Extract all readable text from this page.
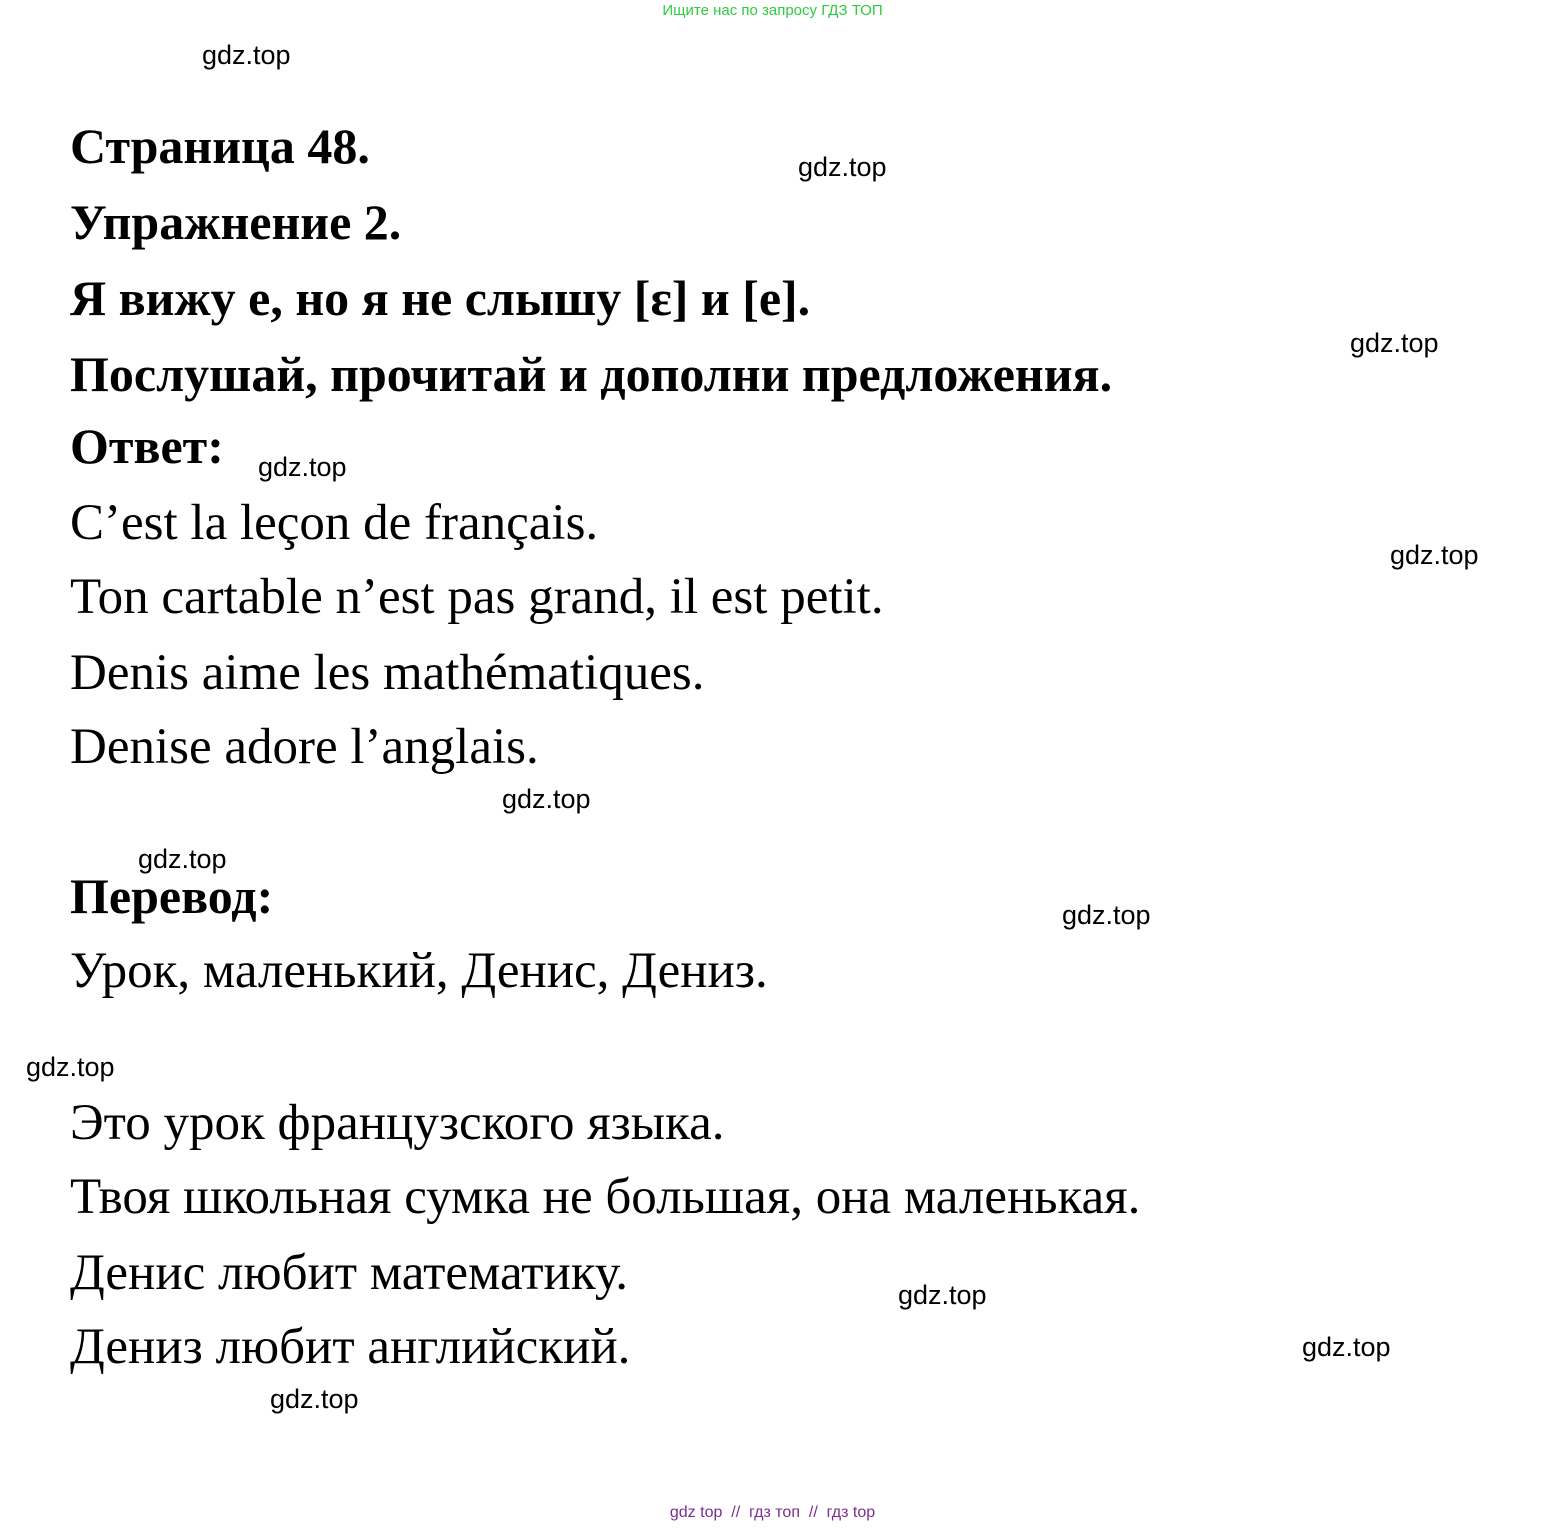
Ищите нас по запросу ГДЗ ТОП
gdz.top
gdz.top
gdz.top
gdz.top
gdz.top
gdz.top
gdz.top
gdz.top
gdz.top
gdz.top
gdz.top
gdz.top
Страница 48.
Упражнение 2.
Я вижу e, но я не слышу [ɛ] и [e].
Послушай, прочитай и дополни предложения.
Ответ:
C’est la leçon de français.
Ton cartable n’est pas grand, il est petit.
Denis aime les mathématiques.
Denise adore l’anglais.
Перевод:
Урок, маленький, Денис, Дениз.
Это урок французского языка.
Твоя школьная сумка не большая, она маленькая.
Денис любит математику.
Дениз любит английский.
gdz top  //  гдз топ  //  гдз top
